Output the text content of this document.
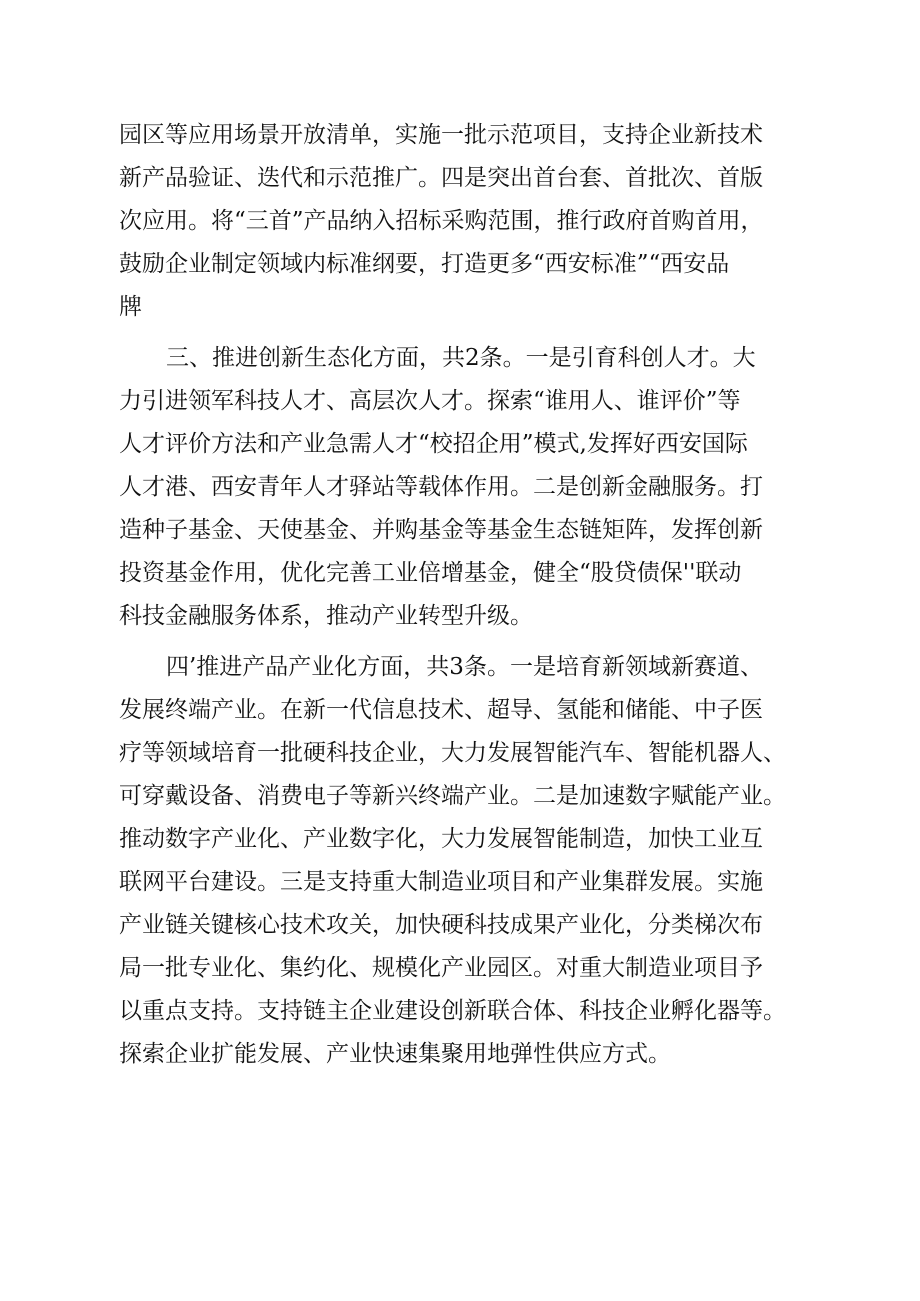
园区等应用场景开放清单，实施一批示范项目，支持企业新技术
新产品验证、迭代和示范推广。四是突出首台套、首批次、首版
次应用。将“三首”产品纳入招标采购范围，推行政府首购首用，
鼓励企业制定领域内标准纲要，打造更多“西安标准”“西安品
牌
三、推进创新生态化方面，共2条。一是引育科创人才。大
力引进领军科技人才、高层次人才。探索“谁用人、谁评价”等
人才评价方法和产业急需人才“校招企用”模式,发挥好西安国际
人才港、西安青年人才驿站等载体作用。二是创新金融服务。打
造种子基金、天使基金、并购基金等基金生态链矩阵，发挥创新
投资基金作用，优化完善工业倍增基金，健全“股贷债保''联动
科技金融服务体系，推动产业转型升级。
四’推进产品产业化方面，共3条。一是培育新领域新赛道、
发展终端产业。在新一代信息技术、超导、氢能和储能、中子医
疗等领域培育一批硬科技企业，大力发展智能汽车、智能机器人、
可穿戴设备、消费电子等新兴终端产业。二是加速数字赋能产业。
推动数字产业化、产业数字化，大力发展智能制造，加快工业互
联网平台建设。三是支持重大制造业项目和产业集群发展。实施
产业链关键核心技术攻关，加快硬科技成果产业化，分类梯次布
局一批专业化、集约化、规模化产业园区。对重大制造业项目予
以重点支持。支持链主企业建设创新联合体、科技企业孵化器等。
探索企业扩能发展、产业快速集聚用地弹性供应方式。
